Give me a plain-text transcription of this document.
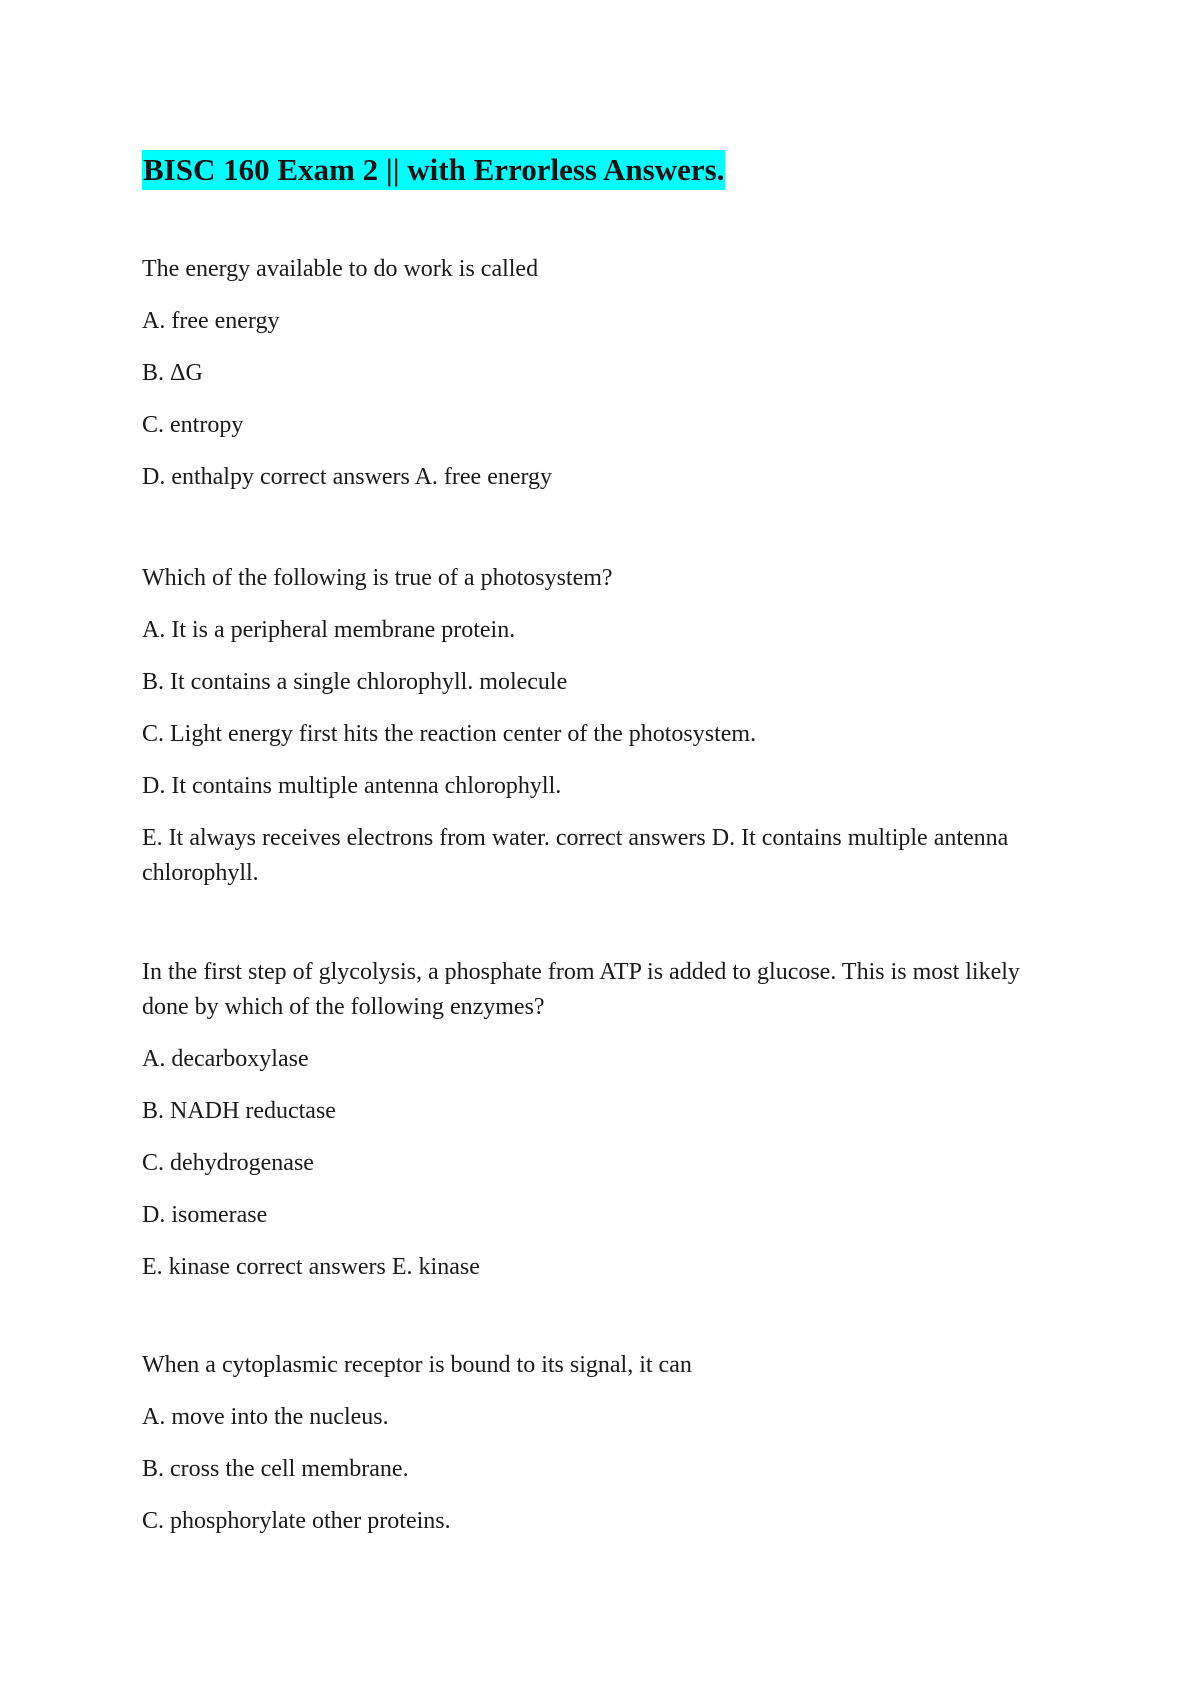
BISC 160 Exam 2 || with Errorless Answers.

The energy available to do work is called

A. free energy

B. ΔG

C. entropy

D. enthalpy correct answers A. free energy

Which of the following is true of a photosystem?

A. It is a peripheral membrane protein.

B. It contains a single chlorophyll. molecule

C. Light energy first hits the reaction center of the photosystem.

D. It contains multiple antenna chlorophyll.

E. It always receives electrons from water. correct answers D. It contains multiple antenna chlorophyll.

In the first step of glycolysis, a phosphate from ATP is added to glucose. This is most likely done by which of the following enzymes?

A. decarboxylase

B. NADH reductase

C. dehydrogenase

D. isomerase

E. kinase correct answers E. kinase

When a cytoplasmic receptor is bound to its signal, it can

A. move into the nucleus.

B. cross the cell membrane.

C. phosphorylate other proteins.
